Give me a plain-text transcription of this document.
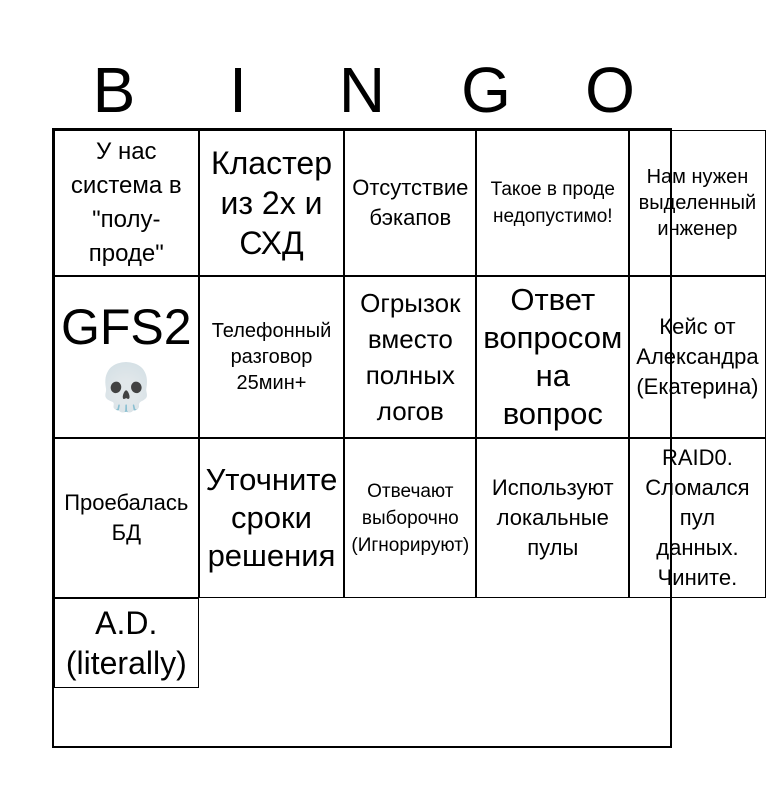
B	I	N	G	O
У нас система в "полу-проде"
Кластер из 2х и СХД
Отсутствие бэкапов
Такое в проде недопустимо!
Нам нужен выделенный инженер
GFS2
💀
Телефонный разговор 25мин+
Огрызок вместо полных логов
Ответ вопросом на вопрос
Кейс от Александра (Екатерина)
Проебалась БД
Уточните сроки решения
Отвечают выборочно (Игнорируют)
Используют локальные пулы
RAID0. Сломался пул данных. Чините.
A.D. (literally)
